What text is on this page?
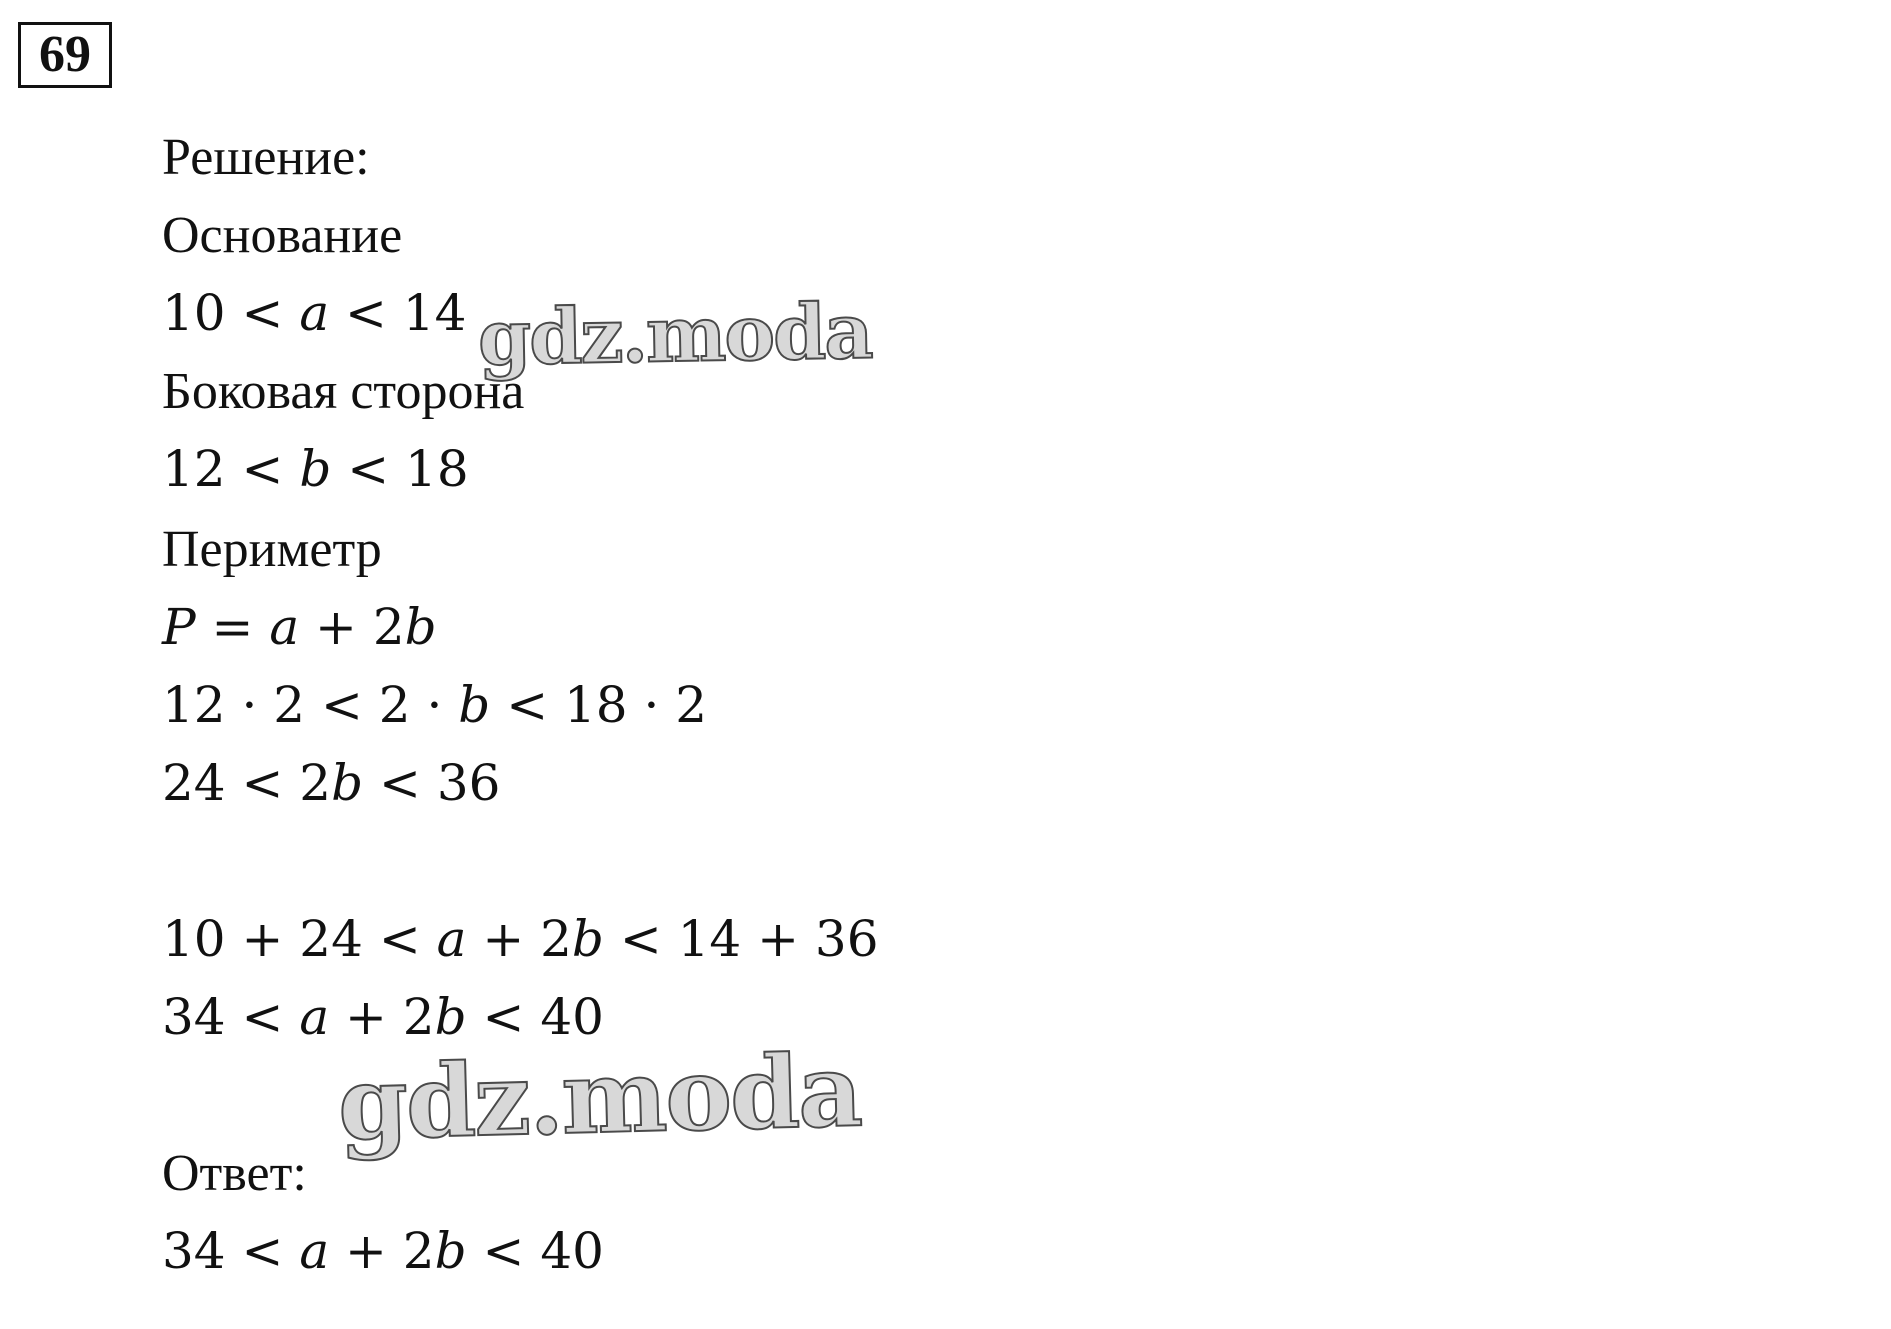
69
Решение:
Основание
10 < a < 14
Боковая сторона
12 < b < 18
Периметр
P = a + 2b
12 · 2 < 2 · b < 18 · 2
24 < 2b < 36
10 + 24 < a + 2b < 14 + 36
34 < a + 2b < 40
Ответ:
34 < a + 2b < 40
gdz.moda
gdz.moda
